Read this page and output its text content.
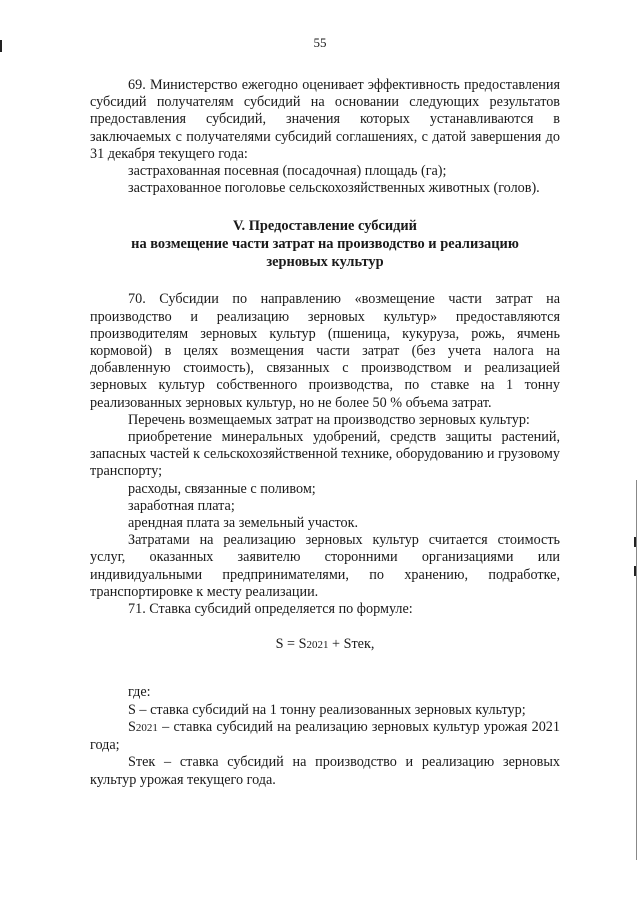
55

69. Министерство ежегодно оценивает эффективность предоставления субсидий получателям субсидий на основании следующих результатов предоставления субсидий, значения которых устанавливаются в заключаемых с получателями субсидий соглашениях, с датой завершения до 31 декабря текущего года:

застрахованная посевная (посадочная) площадь (га);

застрахованное поголовье сельскохозяйственных животных (голов).

V. Предоставление субсидий
на возмещение части затрат на производство и реализацию
зерновых культур

70. Субсидии по направлению «возмещение части затрат на производство и реализацию зерновых культур» предоставляются производителям зерновых культур (пшеница, кукуруза, рожь, ячмень кормовой) в целях возмещения части затрат (без учета налога на добавленную стоимость), связанных с производством и реализацией зерновых культур собственного производства, по ставке на 1 тонну реализованных зерновых культур, но не более 50 % объема затрат.

Перечень возмещаемых затрат на производство зерновых культур:

приобретение минеральных удобрений, средств защиты растений, запасных частей к сельскохозяйственной технике, оборудованию и грузовому транспорту;

расходы, связанные с поливом;

заработная плата;

арендная плата за земельный участок.

Затратами на реализацию зерновых культур считается стоимость услуг, оказанных заявителю сторонними организациями или индивидуальными предпринимателями, по хранению, подработке, транспортировке к месту реализации.

71. Ставка субсидий определяется по формуле:

S = S2021 + Sтек,

где:

S – ставка субсидий на 1 тонну реализованных зерновых культур;

S2021 – ставка субсидий на реализацию зерновых культур урожая 2021 года;

Sтек – ставка субсидий на производство и реализацию зерновых культур урожая текущего года.
